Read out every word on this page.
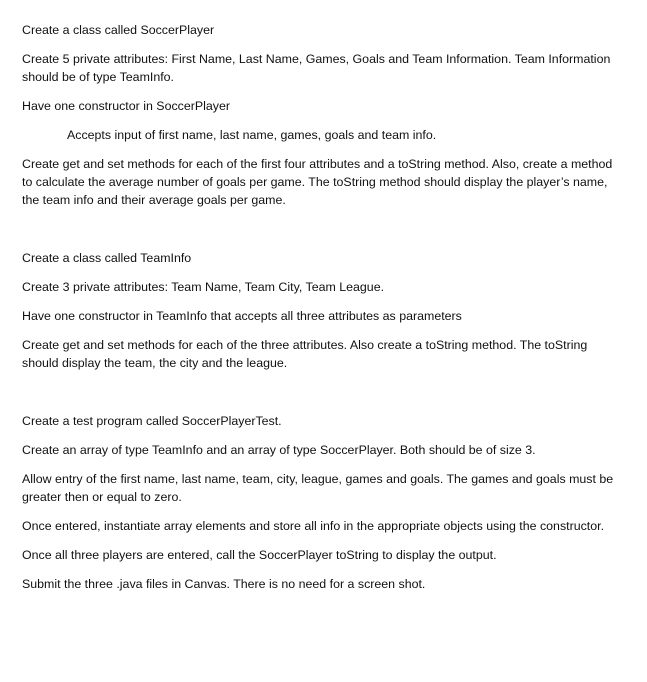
Create a class called SoccerPlayer

Create 5 private attributes: First Name, Last Name, Games, Goals and Team Information. Team Information should be of type TeamInfo.

Have one constructor in SoccerPlayer

Accepts input of first name, last name, games, goals and team info.

Create get and set methods for each of the first four attributes and a toString method. Also, create a method to calculate the average number of goals per game. The toString method should display the player’s name, the team info and their average goals per game.

Create a class called TeamInfo

Create 3 private attributes: Team Name, Team City, Team League.

Have one constructor in TeamInfo that accepts all three attributes as parameters

Create get and set methods for each of the three attributes. Also create a toString method. The toString should display the team, the city and the league.

Create a test program called SoccerPlayerTest.

Create an array of type TeamInfo and an array of type SoccerPlayer. Both should be of size 3.

Allow entry of the first name, last name, team, city, league, games and goals. The games and goals must be greater then or equal to zero.

Once entered, instantiate array elements and store all info in the appropriate objects using the constructor.

Once all three players are entered, call the SoccerPlayer toString to display the output.

Submit the three .java files in Canvas. There is no need for a screen shot.
